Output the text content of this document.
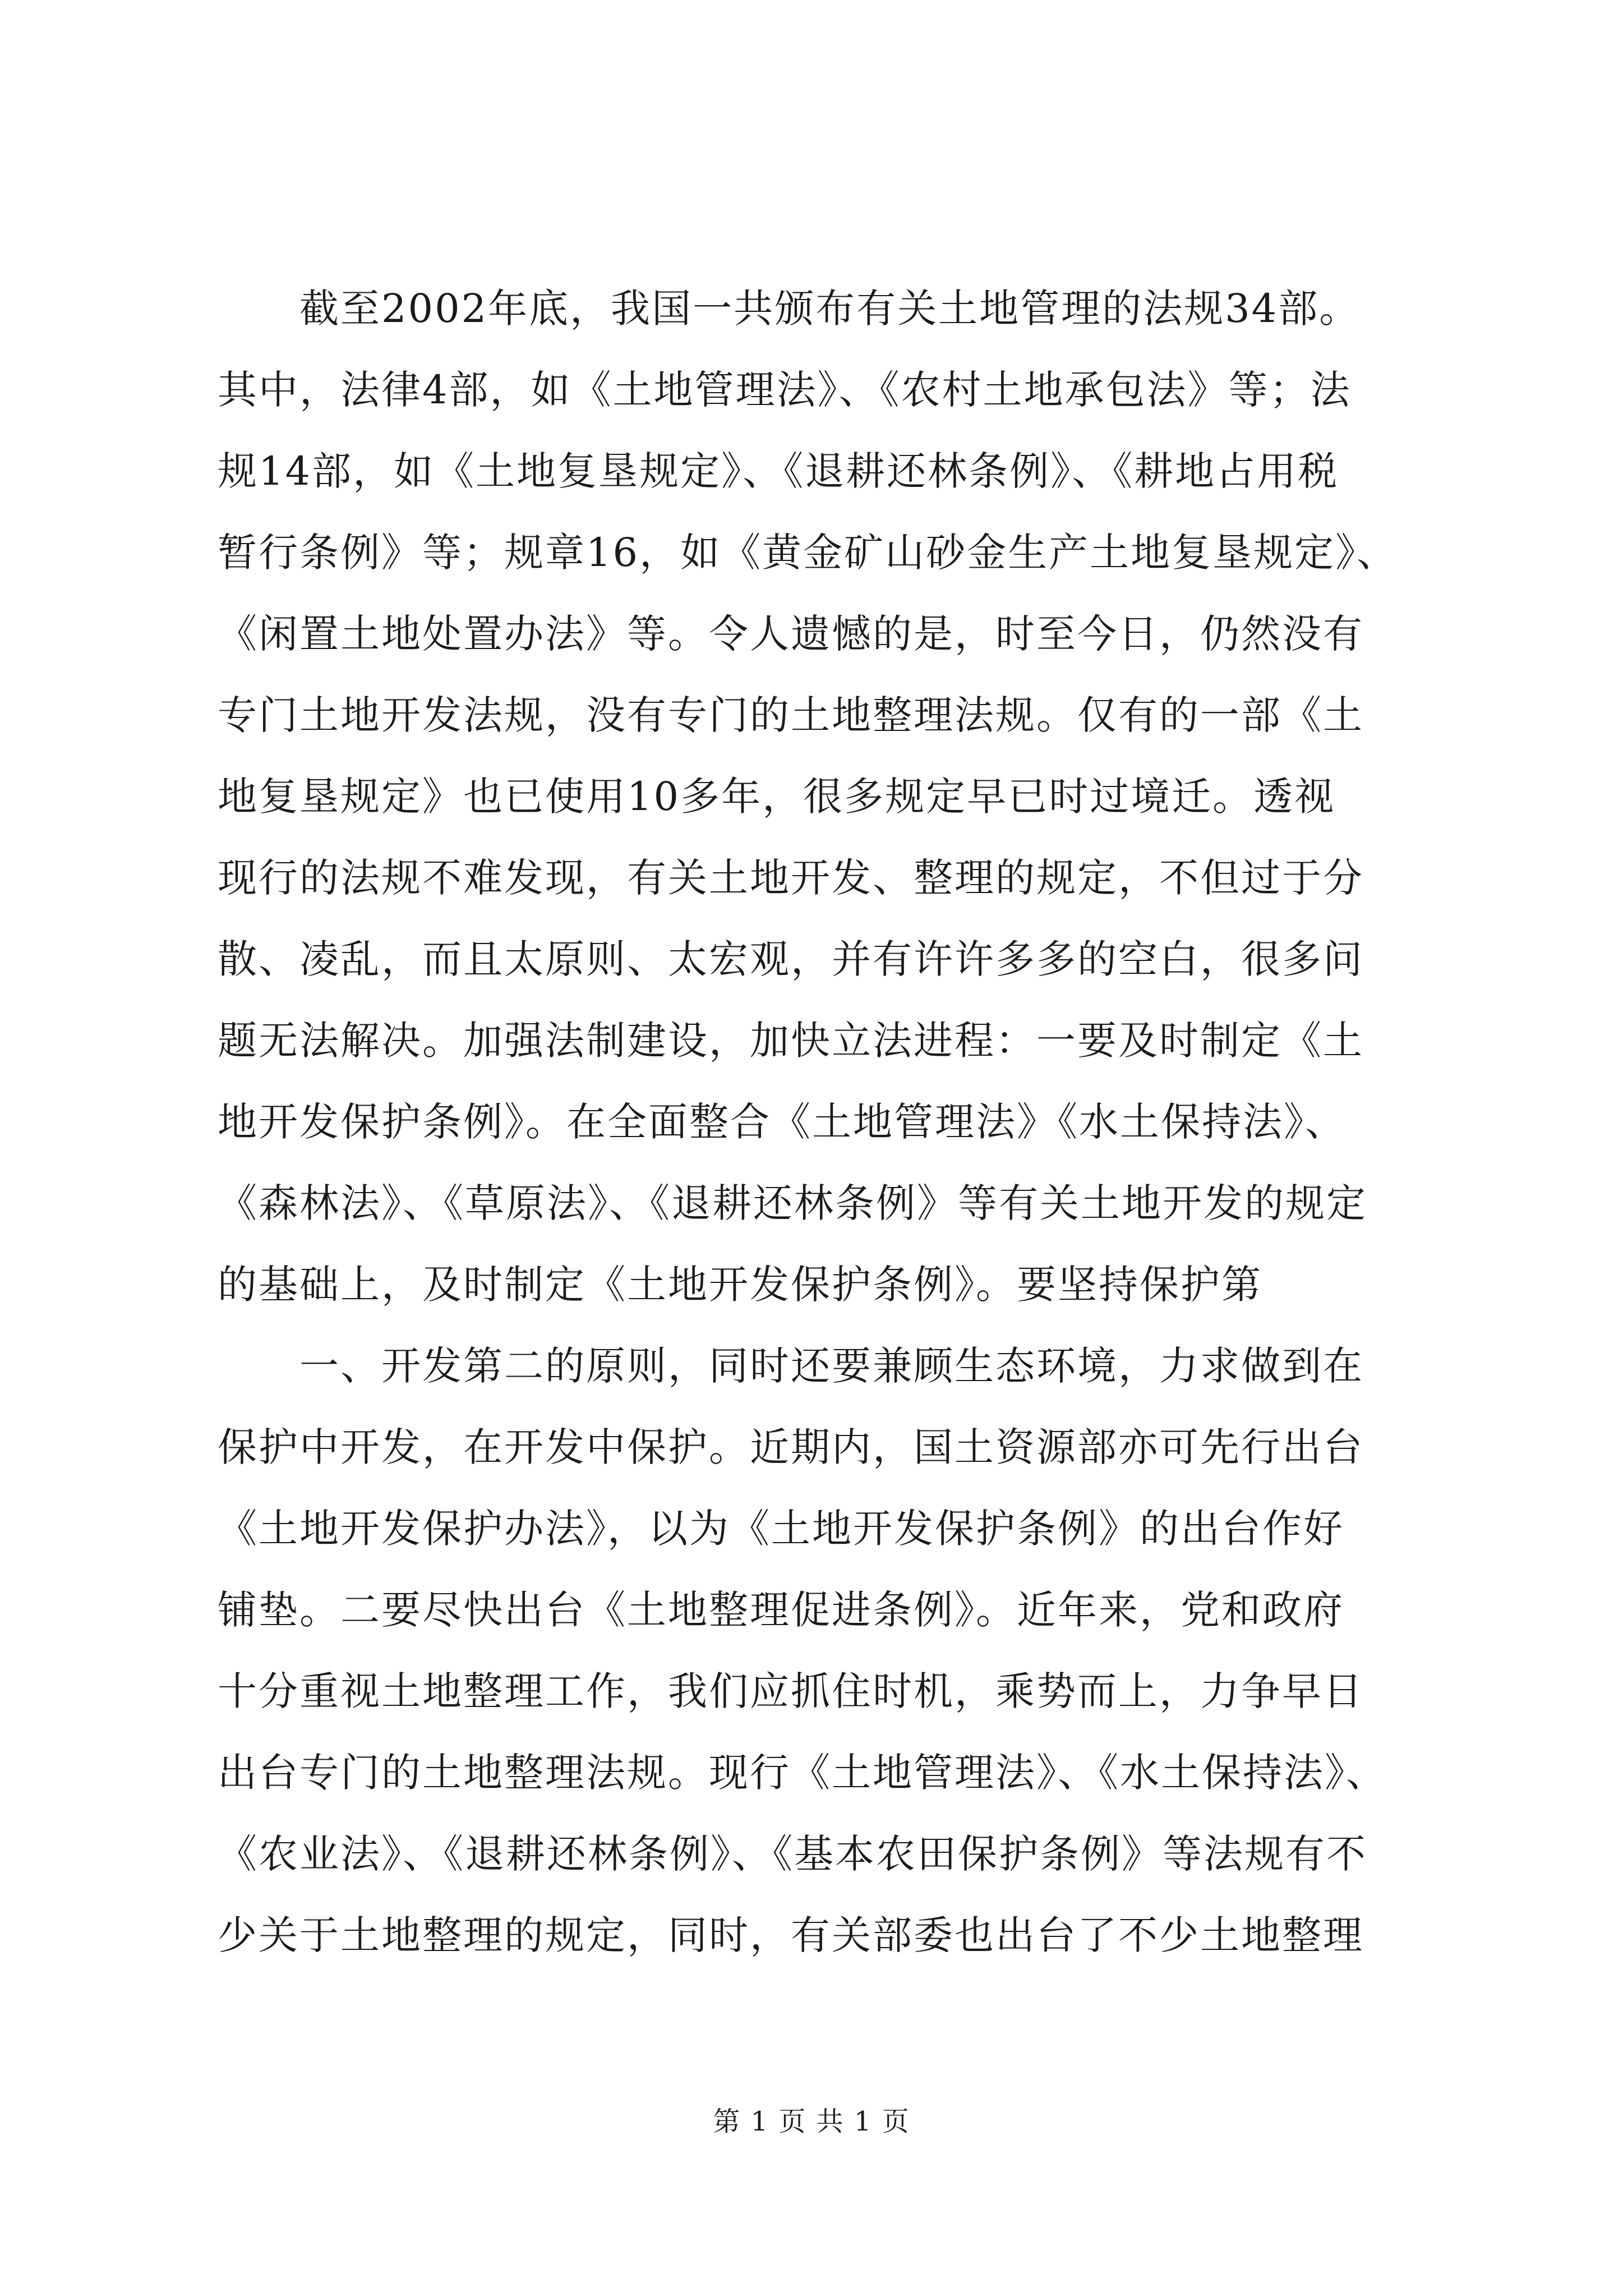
　　截至2002年底，我国一共颁布有关土地管理的法规34部。
其中，法律4部，如《土地管理法》、《农村土地承包法》等；法
规14部，如《土地复垦规定》、《退耕还林条例》、《耕地占用税
暂行条例》等；规章16，如《黄金矿山砂金生产土地复垦规定》、
《闲置土地处置办法》等。令人遗憾的是，时至今日，仍然没有
专门土地开发法规，没有专门的土地整理法规。仅有的一部《土
地复垦规定》也已使用10多年，很多规定早已时过境迁。透视
现行的法规不难发现，有关土地开发、整理的规定，不但过于分
散、凌乱，而且太原则、太宏观，并有许许多多的空白，很多问
题无法解决。加强法制建设，加快立法进程：一要及时制定《土
地开发保护条例》。在全面整合《土地管理法》《水土保持法》、
《森林法》、《草原法》、《退耕还林条例》等有关土地开发的规定
的基础上，及时制定《土地开发保护条例》。要坚持保护第
　　一、开发第二的原则，同时还要兼顾生态环境，力求做到在
保护中开发，在开发中保护。近期内，国土资源部亦可先行出台
《土地开发保护办法》，以为《土地开发保护条例》的出台作好
铺垫。二要尽快出台《土地整理促进条例》。近年来，党和政府
十分重视土地整理工作，我们应抓住时机，乘势而上，力争早日
出台专门的土地整理法规。现行《土地管理法》、《水土保持法》、
《农业法》、《退耕还林条例》、《基本农田保护条例》等法规有不
少关于土地整理的规定，同时，有关部委也出台了不少土地整理
第 1 页 共 1 页
